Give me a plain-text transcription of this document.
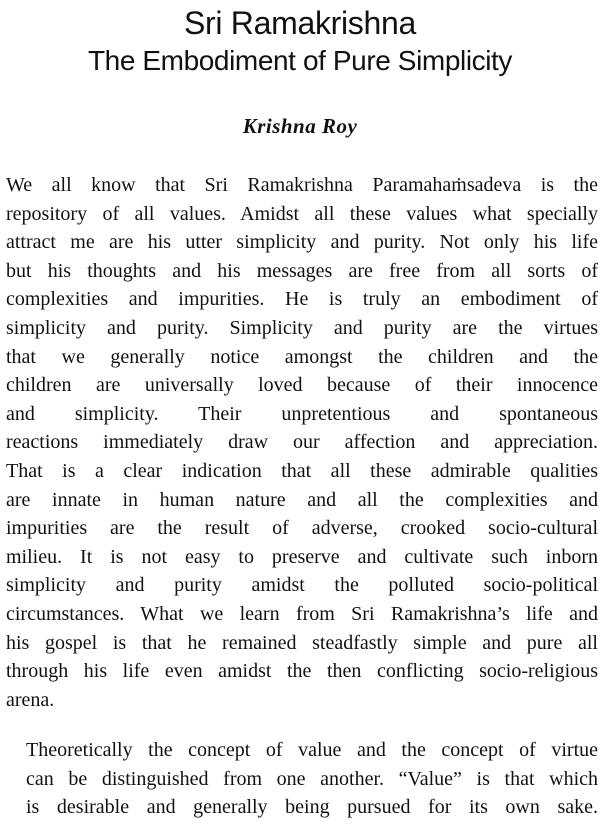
Sri Ramakrishna
The Embodiment of Pure Simplicity
Krishna Roy
We all know that Sri Ramakrishna Paramahaṁsadeva is the
repository of all values. Amidst all these values what specially
attract me are his utter simplicity and purity. Not only his life
but his thoughts and his messages are free from all sorts of
complexities and impurities. He is truly an embodiment of
simplicity and purity. Simplicity and purity are the virtues
that we generally notice amongst the children and the
children are universally loved because of their innocence
and simplicity. Their unpretentious and spontaneous
reactions immediately draw our affection and appreciation.
That is a clear indication that all these admirable qualities
are innate in human nature and all the complexities and
impurities are the result of adverse, crooked socio-cultural
milieu. It is not easy to preserve and cultivate such inborn
simplicity and purity amidst the polluted socio-political
circumstances. What we learn from Sri Ramakrishna’s life and
his gospel is that he remained steadfastly simple and pure all
through his life even amidst the then conflicting socio-religious
arena.
Theoretically the concept of value and the concept of virtue
can be distinguished from one another. “Value” is that which
is desirable and generally being pursued for its own sake.
